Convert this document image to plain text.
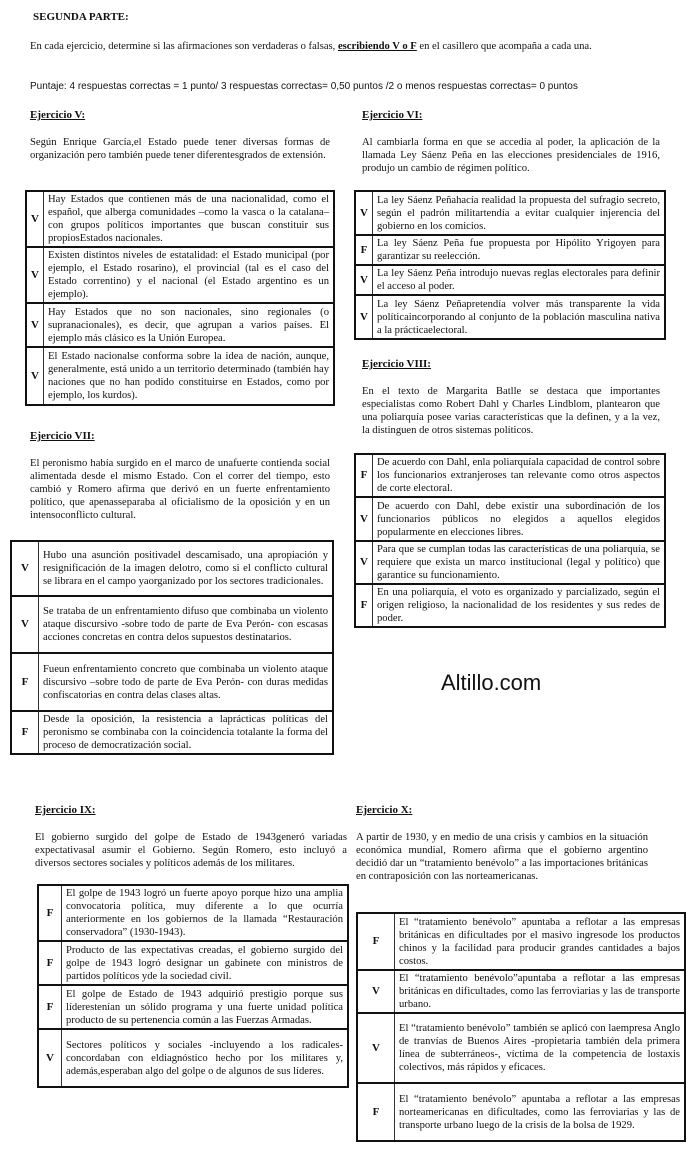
SEGUNDA PARTE:
En cada ejercicio, determine si las afirmaciones son verdaderas o falsas, escribiendo V o F en el casillero que acompaña a cada una.
Puntaje: 4 respuestas correctas = 1 punto/ 3 respuestas correctas= 0,50 puntos /2 o menos respuestas correctas= 0 puntos
Ejercicio V:
Según Enrique García,el Estado puede tener diversas formas de organización pero también puede tener diferentesgrados de extensión.
V	Hay Estados que contienen más de una nacionalidad, como el español, que alberga comunidades –como la vasca o la catalana– con grupos políticos importantes que buscan constituir sus propiosEstados nacionales.
V	Existen distintos niveles de estatalidad: el Estado municipal (por ejemplo, el Estado rosarino), el provincial (tal es el caso del Estado correntino) y el nacional (el Estado argentino es un ejemplo).
V	Hay Estados que no son nacionales, sino regionales (o supranacionales), es decir, que agrupan a varios países. El ejemplo más clásico es la Unión Europea.
V	El Estado nacionalse conforma sobre la idea de nación, aunque, generalmente, está unido a un territorio determinado (también hay naciones que no han podido constituirse en Estados, como por ejemplo, los kurdos).
Ejercicio VI:
Al cambiarla forma en que se accedía al poder, la aplicación de la llamada Ley Sáenz Peña en las elecciones presidenciales de 1916, produjo un cambio de régimen político.
V	La ley Sáenz Peñahacía realidad la propuesta del sufragio secreto, según el padrón militartendía a evitar cualquier injerencia del gobierno en los comicios.
F	La ley Sáenz Peña fue propuesta por Hipólito Yrigoyen para garantizar su reelección.
V	La ley Sáenz Peña introdujo nuevas reglas electorales para definir el acceso al poder.
V	La ley Sáenz Peñapretendía volver más transparente la vida políticaincorporando al conjunto de la población masculina nativa a la prácticaelectoral.
Ejercicio VIII:
En el texto de Margarita Batlle se destaca que importantes especialistas como Robert Dahl y Charles Lindblom, plantearon que una poliarquía posee varias características que la definen, y a la vez, la distinguen de otros sistemas políticos.
F	De acuerdo con Dahl, enla poliarquíala capacidad de control sobre los funcionarios extranjeroses tan relevante como otros aspectos de corte electoral.
V	De acuerdo con Dahl, debe existir una subordinación de los funcionarios públicos no elegidos a aquellos elegidos popularmente en elecciones libres.
V	Para que se cumplan todas las características de una poliarquía, se requiere que exista un marco institucional (legal y político) que garantice su funcionamiento.
F	En una poliarquía, el voto es organizado y parcializado, según el origen religioso, la nacionalidad de los residentes y sus redes de poder.
Ejercicio VII:
El peronismo había surgido en el marco de unafuerte contienda social alimentada desde el mismo Estado. Con el correr del tiempo, esto cambió y Romero afirma que derivó en un fuerte enfrentamiento político, que apenasseparaba al oficialismo de la oposición y en un intensoconflicto cultural.
V	Hubo una asunción positivadel descamisado, una apropiación y resignificación de la imagen delotro, como si el conflicto cultural se librara en el campo yaorganizado por los sectores tradicionales.
V	Se trataba de un enfrentamiento difuso que combinaba un violento ataque discursivo -sobre todo de parte de Eva Perón- con escasas acciones concretas en contra delos supuestos destinatarios.
F	Fueun enfrentamiento concreto que combinaba un violento ataque discursivo –sobre todo de parte de Eva Perón- con duras medidas confiscatorias en contra delas clases altas.
F	Desde la oposición, la resistencia a laprácticas políticas del peronismo se combinaba con la coincidencia totalante la forma del proceso de democratización social.
Altillo.com
Ejercicio IX:
El gobierno surgido del golpe de Estado de 1943generó variadas expectativasal asumir el Gobierno. Según Romero, esto incluyó a diversos sectores sociales y políticos además de los militares.
F	El golpe de 1943 logró un fuerte apoyo porque hizo una amplia convocatoria política, muy diferente a lo que ocurría anteriormente en los gobiernos de la llamada “Restauración conservadora” (1930-1943).
F	Producto de las expectativas creadas, el gobierno surgido del golpe de 1943 logró designar un gabinete con ministros de partidos políticos yde la sociedad civil.
F	El golpe de Estado de 1943 adquirió prestigio porque sus líderestenían un sólido programa y una fuerte unidad política producto de su pertenencia común a las Fuerzas Armadas.
V	Sectores políticos y sociales -incluyendo a los radicales- concordaban con eldiagnóstico hecho por los militares y, además,esperaban algo del golpe o de algunos de sus líderes.
Ejercicio X:
A partir de 1930, y en medio de una crisis y cambios en la situación económica mundial, Romero afirma que el gobierno argentino decidió dar un “tratamiento benévolo” a las importaciones británicas en contraposición con las norteamericanas.
F	El “tratamiento benévolo” apuntaba a reflotar a las empresas británicas en dificultades por el masivo ingresode los productos chinos y la facilidad para producir grandes cantidades a bajos costos.
V	El “tratamiento benévolo”apuntaba a reflotar a las empresas británicas en dificultades, como las ferroviarias y las de transporte urbano.
V	El “tratamiento benévolo” también se aplicó con laempresa Anglo de tranvías de Buenos Aires -propietaria también dela primera línea de subterráneos-, víctima de la competencia de lostaxis colectivos, más rápidos y eficaces.
F	El “tratamiento benévolo” apuntaba a reflotar a las empresas norteamericanas en dificultades, como las ferroviarias y las de transporte urbano luego de la crisis de la bolsa de 1929.
